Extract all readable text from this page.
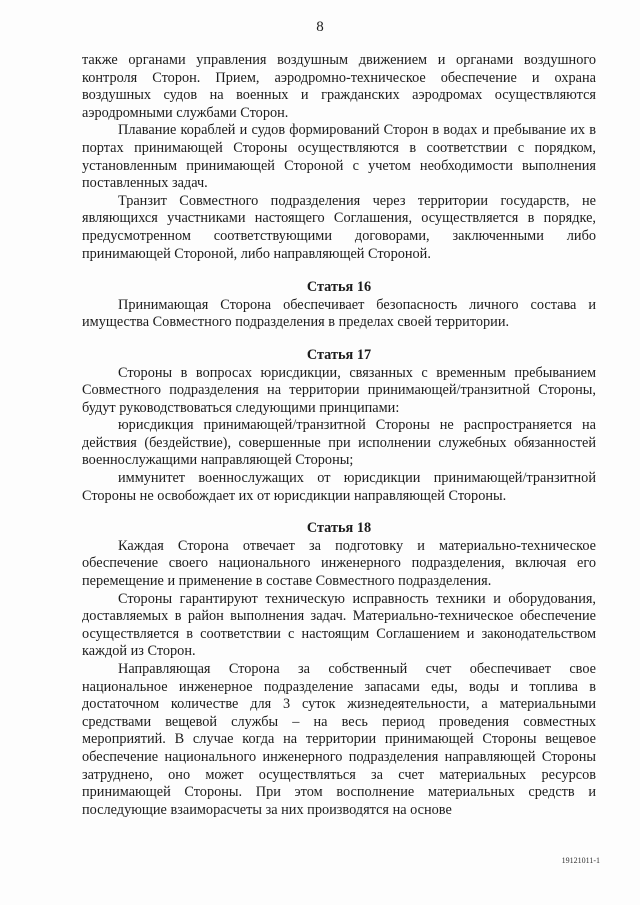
8

также органами управления воздушным движением и органами воздушного контроля Сторон. Прием, аэродромно-техническое обеспечение и охрана воздушных судов на военных и гражданских аэродромах осуществляются аэродромными службами Сторон.

Плавание кораблей и судов формирований Сторон в водах и пребывание их в портах принимающей Стороны осуществляются в соответствии с порядком, установленным принимающей Стороной с учетом необходимости выполнения поставленных задач.

Транзит Совместного подразделения через территории государств, не являющихся участниками настоящего Соглашения, осуществляется в порядке, предусмотренном соответствующими договорами, заключенными либо принимающей Стороной, либо направляющей Стороной.

Статья 16

Принимающая Сторона обеспечивает безопасность личного состава и имущества Совместного подразделения в пределах своей территории.

Статья 17

Стороны в вопросах юрисдикции, связанных с временным пребыванием Совместного подразделения на территории принимающей/транзитной Стороны, будут руководствоваться следующими принципами:

юрисдикция принимающей/транзитной Стороны не распространяется на действия (бездействие), совершенные при исполнении служебных обязанностей военнослужащими направляющей Стороны;

иммунитет военнослужащих от юрисдикции принимающей/транзитной Стороны не освобождает их от юрисдикции направляющей Стороны.

Статья 18

Каждая Сторона отвечает за подготовку и материально-техническое обеспечение своего национального инженерного подразделения, включая его перемещение и применение в составе Совместного подразделения.

Стороны гарантируют техническую исправность техники и оборудования, доставляемых в район выполнения задач. Материально-техническое обеспечение осуществляется в соответствии с настоящим Соглашением и законодательством каждой из Сторон.

Направляющая Сторона за собственный счет обеспечивает свое национальное инженерное подразделение запасами еды, воды и топлива в достаточном количестве для 3 суток жизнедеятельности, а материальными средствами вещевой службы – на весь период проведения совместных мероприятий. В случае когда на территории принимающей Стороны вещевое обеспечение национального инженерного подразделения направляющей Стороны затруднено, оно может осуществляться за счет материальных ресурсов принимающей Стороны. При этом восполнение материальных средств и последующие взаиморасчеты за них производятся на основе

19121011-1
